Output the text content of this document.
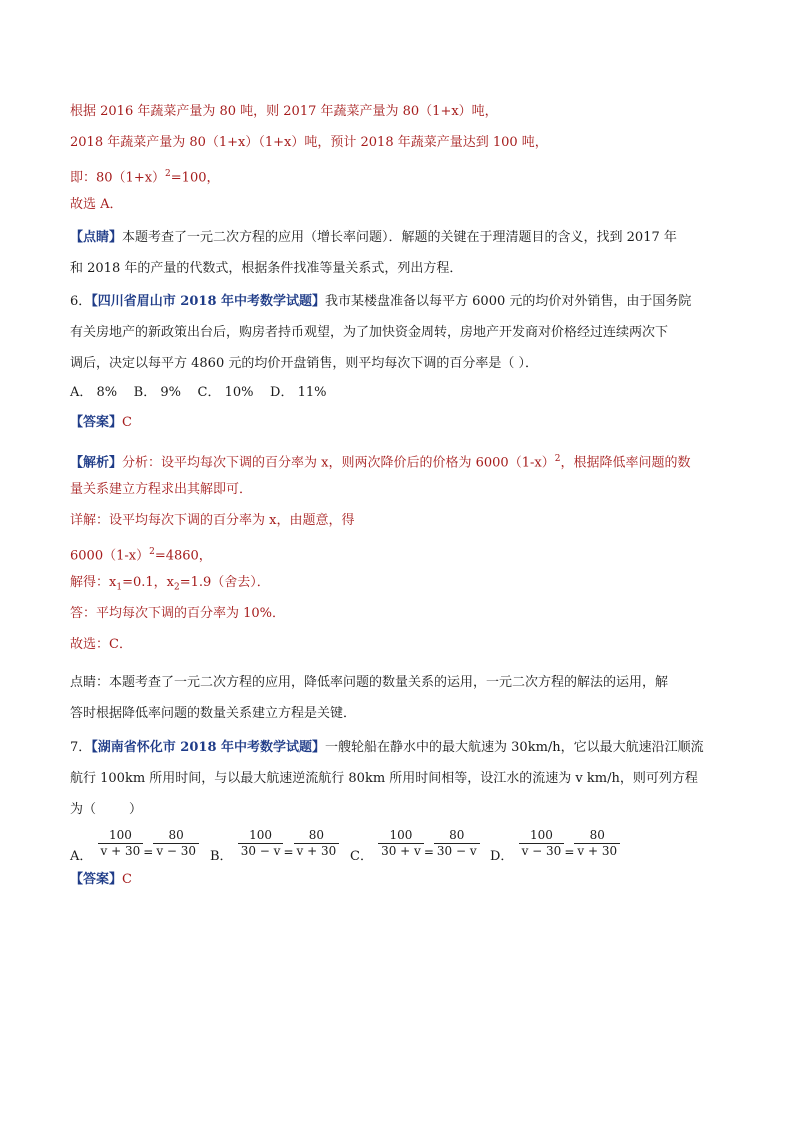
根据 2016 年蔬菜产量为 80 吨，则 2017 年蔬菜产量为 80（1+x）吨，
2018 年蔬菜产量为 80（1+x）（1+x）吨，预计 2018 年蔬菜产量达到 100 吨，
即：$80(1+x)^2=100$，
故选 A．
【点睛】本题考查了一元二次方程的应用（增长率问题）．解题的关键在于理清题目的含义，找到 2017 年
和 2018 年的产量的代数式，根据条件找准等量关系式，列出方程．
6．【四川省眉山市 2018 年中考数学试题】我市某楼盘准备以每平方 6000 元的均价对外销售，由于国务院
有关房地产的新政策出台后，购房者持币观望，为了加快资金周转，房地产开发商对价格经过连续两次下
调后，决定以每平方 4860 元的均价开盘销售，则平均每次下调的百分率是（ ）．
A． 8%    B． 9%    C． 10%    D． 11%
【答案】C
【解析】分析：设平均每次下调的百分率为 x，则两次降价后的价格为 $6000(1-x)^2$，根据降低率问题的数
量关系建立方程求出其解即可．
详解：设平均每次下调的百分率为 x，由题意，得
$6000(1-x)^2=4860$，
解得：$x_1=0.1$，$x_2=1.9$（舍去）．
答：平均每次下调的百分率为 10%．
故选：C．
点睛：本题考查了一元二次方程的应用，降低率问题的数量关系的运用，一元二次方程的解法的运用，解
答时根据降低率问题的数量关系建立方程是关键．
7．【湖南省怀化市 2018 年中考数学试题】一艘轮船在静水中的最大航速为 30km/h，它以最大航速沿江顺流
航行 100km 所用时间，与以最大航速逆流航行 80km 所用时间相等，设江水的流速为 v km/h，则可列方程
为（        ）
A． $\frac{100}{v + 30} = \frac{80}{v - 30}$ B． $\frac{100}{30 - v} = \frac{80}{v + 30}$ C． $\frac{100}{30 + v} = \frac{80}{30 - v}$ D． $\frac{100}{v - 30} = \frac{80}{v + 30}$
【答案】C
